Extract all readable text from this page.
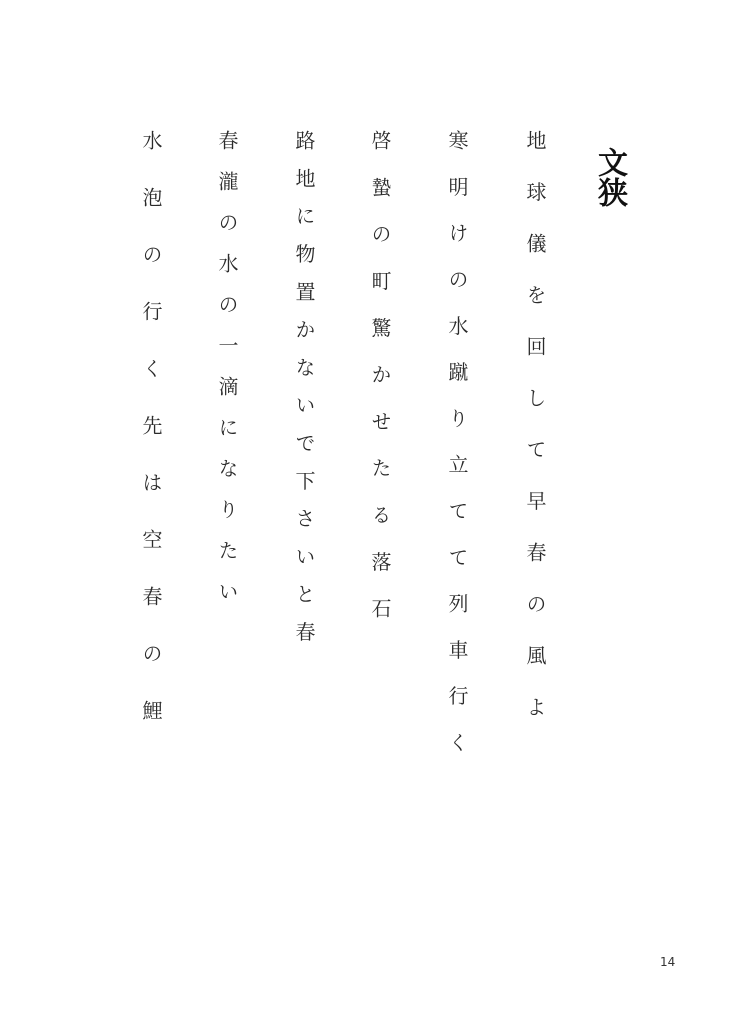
文狭
地球儀を回して早春の風よ
寒明けの水蹴り立てて列車行く
啓蟄の町驚かせたる落石
路地に物置かないで下さいと春
春瀧の水の一滴になりたい
水泡の行く先は空春の鯉
14
